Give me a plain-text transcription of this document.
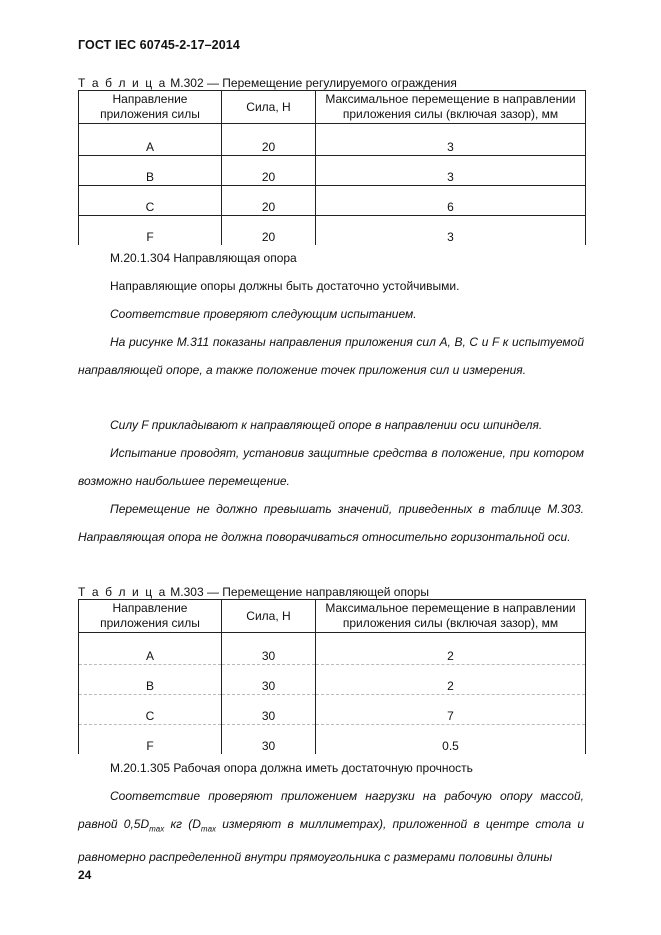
ГОСТ IEC 60745-2-17–2014
Т а б л и ц а M.302 — Перемещение регулируемого ограждения
Направление приложения силы	Сила, Н	Максимальное перемещение в направлении приложения силы (включая зазор), мм
A	20	3
B	20	3
C	20	6
F	20	3

M.20.1.304 Направляющая опора

Направляющие опоры должны быть достаточно устойчивыми.

Соответствие проверяют следующим испытанием.

На рисунке M.311 показаны направления приложения сил A, B, C и F к испытуемой направляющей опоре, а также положение точек приложения сил и измерения.

Силу F прикладывают к направляющей опоре в направлении оси шпинделя.

Испытание проводят, установив защитные средства в положение, при котором возможно наибольшее перемещение.

Перемещение не должно превышать значений, приведенных в таблице M.303. Направляющая опора не должна поворачиваться относительно горизонтальной оси.

Т а б л и ц а M.303 — Перемещение направляющей опоры
Направление приложения силы	Сила, Н	Максимальное перемещение в направлении приложения силы (включая зазор), мм
A	30	2
B	30	2
C	30	7
F	30	0.5

M.20.1.305 Рабочая опора должна иметь достаточную прочность

Соответствие проверяют приложением нагрузки на рабочую опору массой, равной $0,5D_{max}$ кг ($D_{max}$ измеряют в миллиметрах), приложенной в центре стола и равномерно распределенной внутри прямоугольника с размерами половины длины

24
